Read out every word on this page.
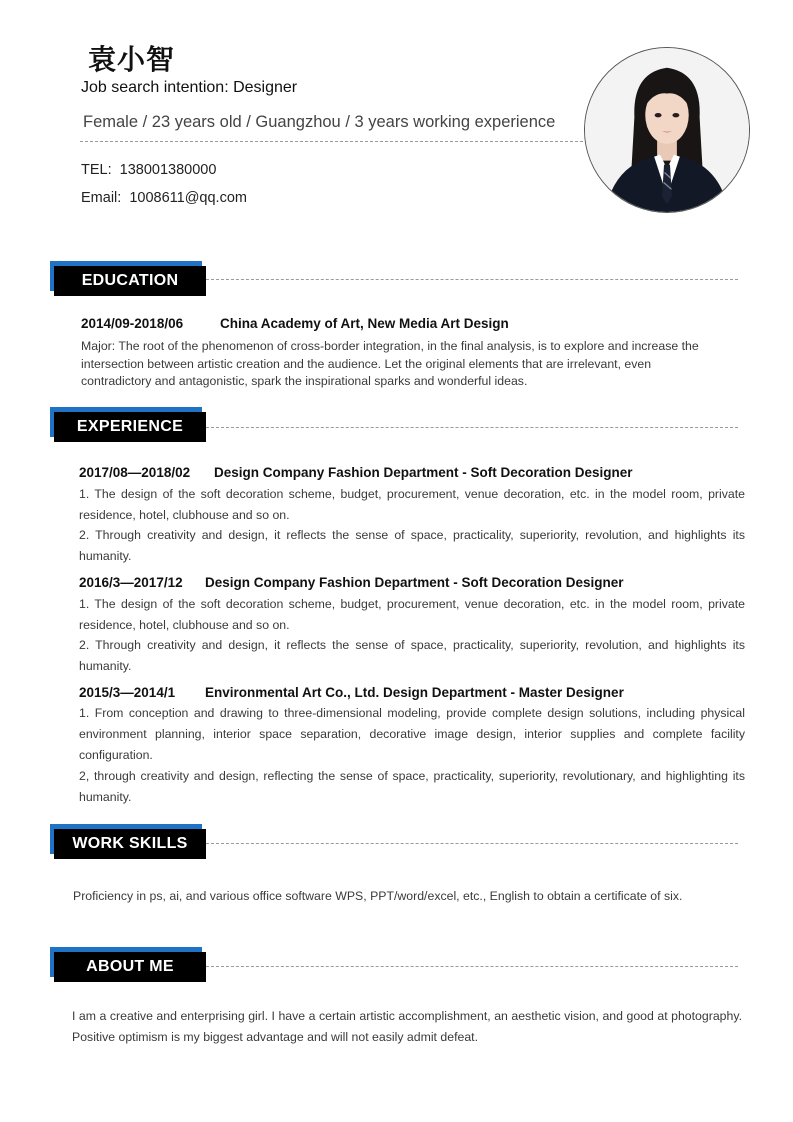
袁小智
Job search intention: Designer
Female / 23 years old / Guangzhou / 3 years working experience
TEL: 138001380000
Email: 1008611@qq.com
EDUCATION
2014/09-2018/06	China Academy of Art, New Media Art Design
Major: The root of the phenomenon of cross-border integration, in the final analysis, is to explore and increase the intersection between artistic creation and the audience. Let the original elements that are irrelevant, even contradictory and antagonistic, spark the inspirational sparks and wonderful ideas.
EXPERIENCE
2017/08—2018/02 Design Company Fashion Department - Soft Decoration Designer
1. The design of the soft decoration scheme, budget, procurement, venue decoration, etc. in the model room, private residence, hotel, clubhouse and so on.
2. Through creativity and design, it reflects the sense of space, practicality, superiority, revolution, and highlights its humanity.
2016/3—2017/12 Design Company Fashion Department - Soft Decoration Designer
1. The design of the soft decoration scheme, budget, procurement, venue decoration, etc. in the model room, private residence, hotel, clubhouse and so on.
2. Through creativity and design, it reflects the sense of space, practicality, superiority, revolution, and highlights its humanity.
2015/3—2014/1 Environmental Art Co., Ltd. Design Department - Master Designer
1. From conception and drawing to three-dimensional modeling, provide complete design solutions, including physical environment planning, interior space separation, decorative image design, interior supplies and complete facility configuration.
2, through creativity and design, reflecting the sense of space, practicality, superiority, revolutionary, and highlighting its humanity.
WORK SKILLS
Proficiency in ps, ai, and various office software WPS, PPT/word/excel, etc., English to obtain a certificate of six.
ABOUT ME
I am a creative and enterprising girl. I have a certain artistic accomplishment, an aesthetic vision, and good at photography. Positive optimism is my biggest advantage and will not easily admit defeat.
